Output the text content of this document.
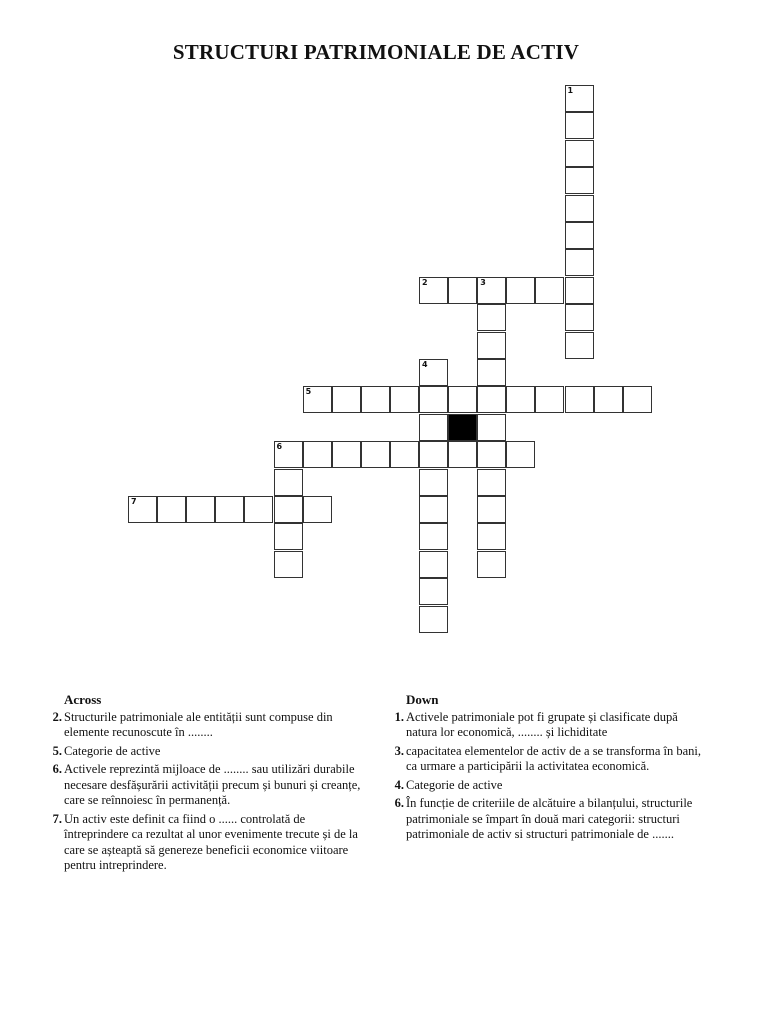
STRUCTURI PATRIMONIALE DE ACTIV
1
2	3
4
5
6
7
Across
2. Structurile patrimoniale ale entității sunt compuse din elemente recunoscute în ........
5. Categorie de active
6. Activele reprezintă mijloace de ........ sau utilizări durabile necesare desfășurării activității precum și bunuri și creanțe, care se reînnoiesc în permanență.
7. Un activ este definit ca fiind o ...... controlată de întreprindere ca rezultat al unor evenimente trecute și de la care se așteaptă să genereze beneficii economice viitoare pentru intreprindere.
Down
1. Activele patrimoniale pot fi grupate și clasificate după natura lor economică, ........ și lichiditate
3. capacitatea elementelor de activ de a se transforma în bani, ca urmare a participării la activitatea economică.
4. Categorie de active
6. În funcție de criteriile de alcătuire a bilanțului, structurile patrimoniale se împart în două mari categorii: structuri patrimoniale de activ si structuri patrimoniale de .......
